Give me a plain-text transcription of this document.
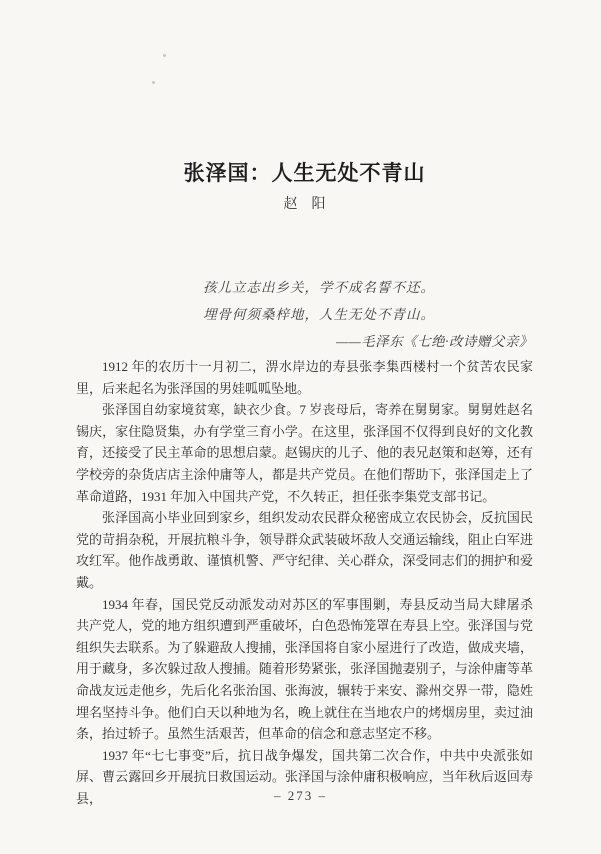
张泽国：人生无处不青山
赵　阳
孩儿立志出乡关，学不成名誓不还。
埋骨何须桑梓地，人生无处不青山。
——毛泽东《七绝·改诗赠父亲》

1912 年的农历十一月初二，淠水岸边的寿县张李集西楼村一个贫苦农民家里，后来起名为张泽国的男娃呱呱坠地。

张泽国自幼家境贫寒，缺衣少食。7 岁丧母后，寄养在舅舅家。舅舅姓赵名锡庆，家住隐贤集，办有学堂三育小学。在这里，张泽国不仅得到良好的文化教育，还接受了民主革命的思想启蒙。赵锡庆的儿子、他的表兄赵策和赵筹，还有学校旁的杂货店店主涂仲庸等人，都是共产党员。在他们帮助下，张泽国走上了革命道路，1931 年加入中国共产党，不久转正，担任张李集党支部书记。

张泽国高小毕业回到家乡，组织发动农民群众秘密成立农民协会，反抗国民党的苛捐杂税，开展抗粮斗争，领导群众武装破坏敌人交通运输线，阻止白军进攻红军。他作战勇敢、谨慎机警、严守纪律、关心群众，深受同志们的拥护和爱戴。

1934 年春，国民党反动派发动对苏区的军事围剿，寿县反动当局大肆屠杀共产党人，党的地方组织遭到严重破坏，白色恐怖笼罩在寿县上空。张泽国与党组织失去联系。为了躲避敌人搜捕，张泽国将自家小屋进行了改造，做成夹墙，用于藏身，多次躲过敌人搜捕。随着形势紧张，张泽国抛妻别子，与涂仲庸等革命战友远走他乡，先后化名张治国、张海波，辗转于来安、滁州交界一带，隐姓埋名坚持斗争。他们白天以种地为名，晚上就住在当地农户的烤烟房里，卖过油条，抬过轿子。虽然生活艰苦，但革命的信念和意志坚定不移。

1937 年“七七事变”后，抗日战争爆发，国共第二次合作，中共中央派张如屏、曹云露回乡开展抗日救国运动。张泽国与涂仲庸积极响应，当年秋后返回寿县，	– 273 –
